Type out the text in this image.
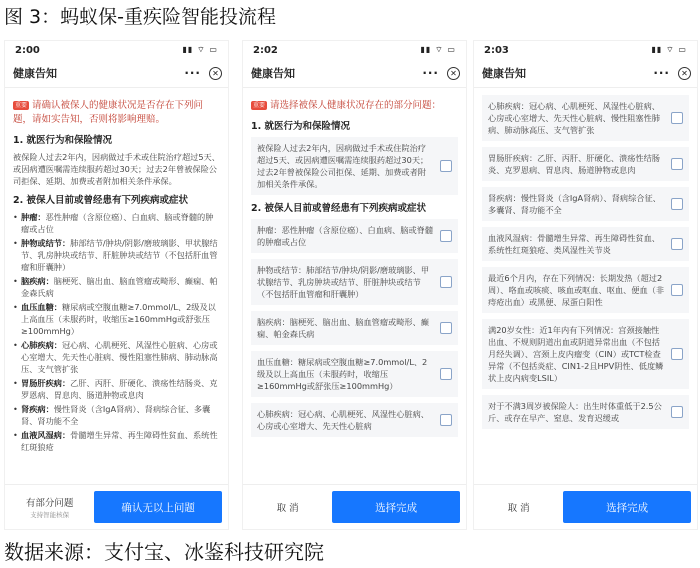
图 3：蚂蚁保-重疾险智能投流程
2:00	▮▮ ⌔ ▭
健康告知	···	✕
重要 请确认被保人的健康状况是否存在下列问题，请如实告知，否则将影响理赔。
1. 就医行为和保险情况
被保险人过去2年内，因病做过手术或住院治疗超过5天、或因病遭医嘱需连续服药超过30天；过去2年曾被保险公司拒保、延期、加费或者附加相关条件承保。
2. 被保人目前或曾经患有下列疾病或症状
• 肿瘤：恶性肿瘤（含原位癌）、白血病、脑或脊髓的肿瘤或占位
• 肿物或结节：肺部结节/肿块/阴影/磨玻璃影、甲状腺结节、乳房肿块或结节、肝脏肿块或结节（不包括肝血管瘤和肝囊肿）
• 脑疾病：脑梗死、脑出血、脑血管瘤或畸形、癫痫、帕金森氏病
• 血压血糖：糖尿病或空腹血糖≥7.0mmol/L、2级及以上高血压（未服药时，收缩压≥160mmHg或舒张压≥100mmHg）
• 心肺疾病：冠心病、心肌梗死、风湿性心脏病、心房或心室增大、先天性心脏病、慢性阻塞性肺病、肺动脉高压、支气管扩张
• 胃肠肝疾病：乙肝、丙肝、肝硬化、溃疡性结肠炎、克罗恩病、胃息肉、肠道肿物或息肉
• 肾疾病：慢性肾炎（含IgA肾病）、肾病综合征、多囊肾、肾功能不全
• 血液风湿病：骨髓增生异常、再生障碍性贫血、系统性红斑狼疮
有部分问题
支持智能核保
确认无以上问题
2:02	▮▮ ⌔ ▭
健康告知	···	✕
重要 请选择被保人健康状况存在的部分问题：
1. 就医行为和保险情况
被保险人过去2年内，因病做过手术或住院治疗超过5天、或因病遭医嘱需连续服药超过30天；过去2年曾被保险公司拒保、延期、加费或者附加相关条件承保。
2. 被保人目前或曾经患有下列疾病或症状
肿瘤：恶性肿瘤（含原位癌）、白血病、脑或脊髓的肿瘤或占位
肿物或结节：肺部结节/肿块/阴影/磨玻璃影、甲状腺结节、乳房肿块或结节、肝脏肿块或结节（不包括肝血管瘤和肝囊肿）
脑疾病：脑梗死、脑出血、脑血管瘤或畸形、癫痫、帕金森氏病
血压血糖：糖尿病或空腹血糖≥7.0mmol/L、2级及以上高血压（未服药时，收缩压≥160mmHg或舒张压≥100mmHg）
心肺疾病：冠心病、心肌梗死、风湿性心脏病、心房或心室增大、先天性心脏病
取 消	选择完成
2:03	▮▮ ⌔ ▭
健康告知	···	✕
心肺疾病：冠心病、心肌梗死、风湿性心脏病、心房或心室增大、先天性心脏病、慢性阻塞性肺病、肺动脉高压、支气管扩张
胃肠肝疾病：乙肝、丙肝、肝硬化、溃疡性结肠炎、克罗恩病、胃息肉、肠道肿物或息肉
肾疾病：慢性肾炎（含IgA肾病）、肾病综合征、多囊肾、肾功能不全
血液风湿病：骨髓增生异常、再生障碍性贫血、系统性红斑狼疮、类风湿性关节炎
最近6个月内，存在下列情况：长期发热（超过2周）、咯血或咳痰、咳血或呕血、呕血、便血（非痔疮出血）或黑便、尿蛋白阳性
满20岁女性：近1年内有下列情况：宫颈接触性出血、不规则阴道出血或阴道异常出血（不包括月经失调）、宫颈上皮内瘤变（CIN）或TCT检查异常（不包括炎症、CIN1-2且HPV阴性、低度鳞状上皮内病变LSIL）
对于不满3周岁被保险人：出生时体重低于2.5公斤、或存在早产、窒息、发育迟缓或
取 消	选择完成
数据来源：支付宝、冰鉴科技研究院
